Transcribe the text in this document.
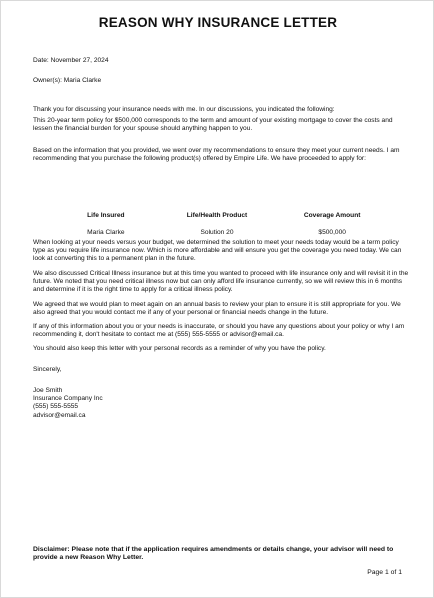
REASON WHY INSURANCE LETTER
Date: November 27, 2024
Owner(s): Maria Clarke
Thank you for discussing your insurance needs with me. In our discussions, you indicated the following:
This 20-year term policy for $500,000 corresponds to the term and amount of your existing mortgage to cover the costs and lessen the financial burden for your spouse should anything happen to you.
Based on the information that you provided, we went over my recommendations to ensure they meet your current needs. I am recommending that you purchase the following product(s) offered by Empire Life. We have proceeded to apply for:
Life Insured	Life/Health Product	Coverage Amount
Maria Clarke	Solution 20	$500,000
When looking at your needs versus your budget, we determined the solution to meet your needs today would be a term policy type as you require life insurance now. Which is more affordable and will ensure you get the coverage you need today. We can look at converting this to a permanent plan in the future.
We also discussed Critical Illness insurance but at this time you wanted to proceed with life insurance only and will revisit it in the future. We noted that you need critical illness now but can only afford life insurance currently, so we will review this in 6 months and determine if it is the right time to apply for a critical illness policy.
We agreed that we would plan to meet again on an annual basis to review your plan to ensure it is still appropriate for you. We also agreed that you would contact me if any of your personal or financial needs change in the future.
If any of this information about you or your needs is inaccurate, or should you have any questions about your policy or why I am recommending it, don't hesitate to contact me at (555) 555-5555 or advisor@email.ca.
You should also keep this letter with your personal records as a reminder of why you have the policy.
Sincerely,
Joe Smith
Insurance Company Inc
(555) 555-5555
advisor@email.ca
Disclaimer: Please note that if the application requires amendments or details change, your advisor will need to provide a new Reason Why Letter.
Page 1 of 1
